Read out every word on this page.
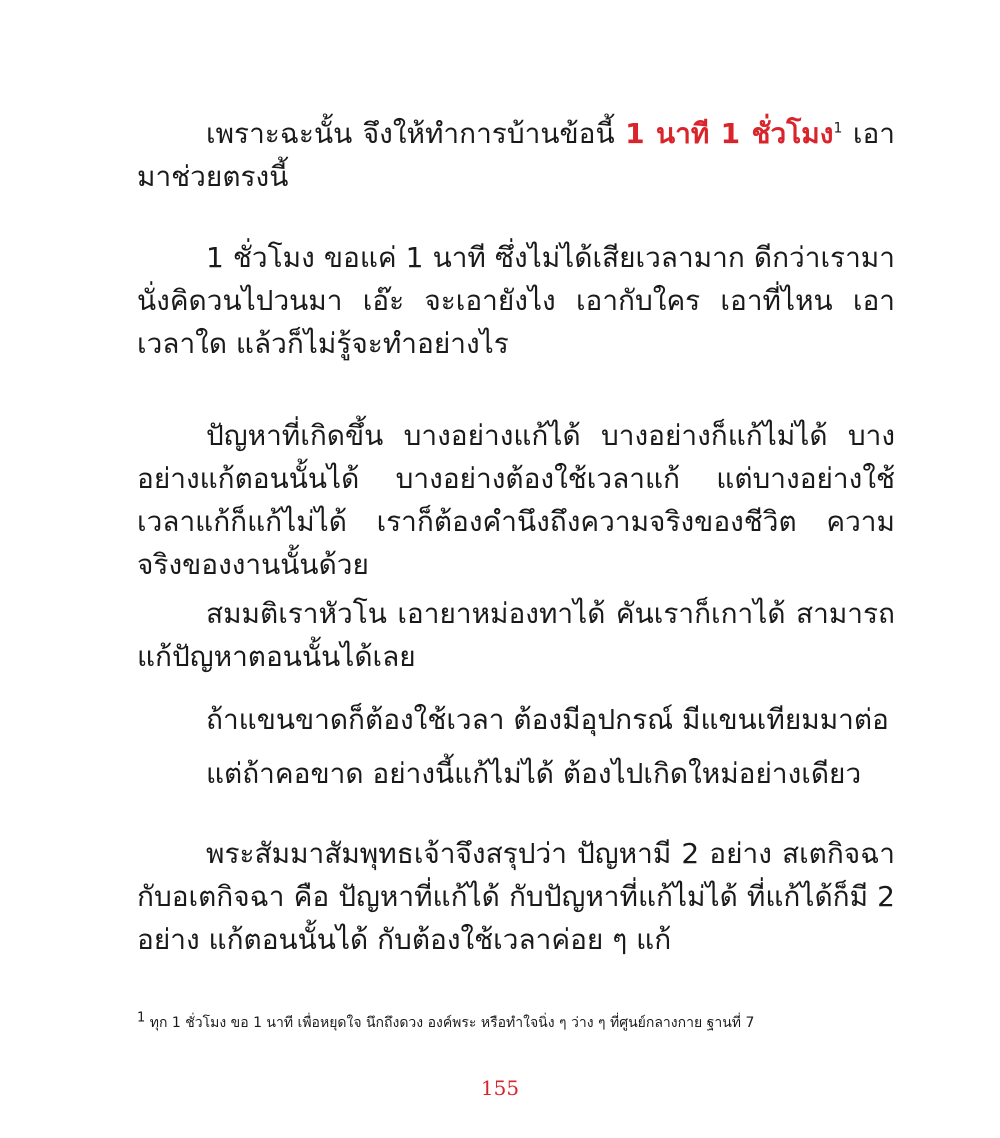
เพราะฉะนั้น จึงให้ทำการบ้านข้อนี้ 1 นาที 1 ชั่วโมง$^1$ เอามาช่วยตรงนี้

1 ชั่วโมง ขอแค่ 1 นาที ซึ่งไม่ได้เสียเวลามาก ดีกว่าเรามานั่งคิดวนไปวนมา เอ๊ะ จะเอายังไง เอากับใคร เอาที่ไหน เอาเวลาใด แล้วก็ไม่รู้จะทำอย่างไร

ปัญหาที่เกิดขึ้น บางอย่างแก้ได้ บางอย่างก็แก้ไม่ได้ บางอย่างแก้ตอนนั้นได้ บางอย่างต้องใช้เวลาแก้ แต่บางอย่างใช้เวลาแก้ก็แก้ไม่ได้ เราก็ต้องคำนึงถึงความจริงของชีวิต ความจริงของงานนั้นด้วย

สมมติเราหัวโน เอายาหม่องทาได้ คันเราก็เกาได้ สามารถแก้ปัญหาตอนนั้นได้เลย

ถ้าแขนขาดก็ต้องใช้เวลา ต้องมีอุปกรณ์ มีแขนเทียมมาต่อ

แต่ถ้าคอขาด อย่างนี้แก้ไม่ได้ ต้องไปเกิดใหม่อย่างเดียว

พระสัมมาสัมพุทธเจ้าจึงสรุปว่า ปัญหามี 2 อย่าง สเตกิจฉา กับอเตกิจฉา คือ ปัญหาที่แก้ได้ กับปัญหาที่แก้ไม่ได้ ที่แก้ได้ก็มี 2 อย่าง แก้ตอนนั้นได้ กับต้องใช้เวลาค่อย ๆ แก้

$^1$ ทุก 1 ชั่วโมง ขอ 1 นาที เพื่อหยุดใจ นึกถึงดวง องค์พระ หรือทำใจนิ่ง ๆ ว่าง ๆ ที่ศูนย์กลางกาย ฐานที่ 7

155
